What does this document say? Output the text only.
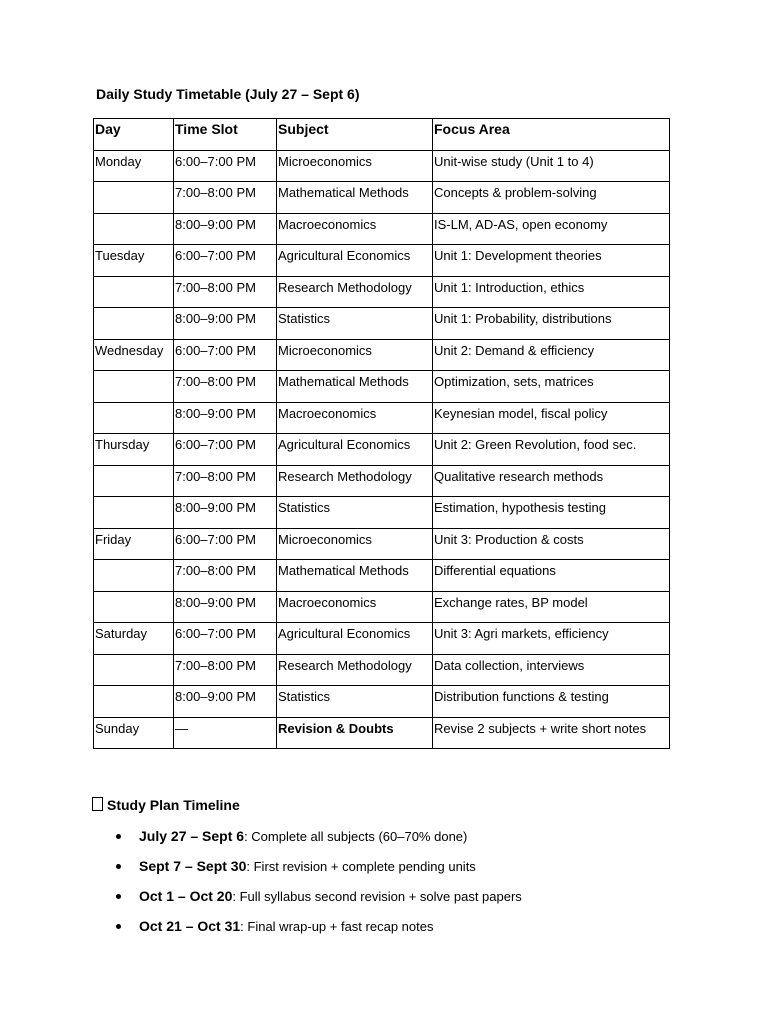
Daily Study Timetable (July 27 – Sept 6)
Day	Time Slot	Subject	Focus Area
Monday	6:00–7:00 PM	Microeconomics	Unit-wise study (Unit 1 to 4)
	7:00–8:00 PM	Mathematical Methods	Concepts & problem-solving
	8:00–9:00 PM	Macroeconomics	IS-LM, AD-AS, open economy
Tuesday	6:00–7:00 PM	Agricultural Economics	Unit 1: Development theories
	7:00–8:00 PM	Research Methodology	Unit 1: Introduction, ethics
	8:00–9:00 PM	Statistics	Unit 1: Probability, distributions
Wednesday	6:00–7:00 PM	Microeconomics	Unit 2: Demand & efficiency
	7:00–8:00 PM	Mathematical Methods	Optimization, sets, matrices
	8:00–9:00 PM	Macroeconomics	Keynesian model, fiscal policy
Thursday	6:00–7:00 PM	Agricultural Economics	Unit 2: Green Revolution, food sec.
	7:00–8:00 PM	Research Methodology	Qualitative research methods
	8:00–9:00 PM	Statistics	Estimation, hypothesis testing
Friday	6:00–7:00 PM	Microeconomics	Unit 3: Production & costs
	7:00–8:00 PM	Mathematical Methods	Differential equations
	8:00–9:00 PM	Macroeconomics	Exchange rates, BP model
Saturday	6:00–7:00 PM	Agricultural Economics	Unit 3: Agri markets, efficiency
	7:00–8:00 PM	Research Methodology	Data collection, interviews
	8:00–9:00 PM	Statistics	Distribution functions & testing
Sunday	—	Revision & Doubts	Revise 2 subjects + write short notes
Study Plan Timeline
July 27 – Sept 6: Complete all subjects (60–70% done)
Sept 7 – Sept 30: First revision + complete pending units
Oct 1 – Oct 20: Full syllabus second revision + solve past papers
Oct 21 – Oct 31: Final wrap-up + fast recap notes
